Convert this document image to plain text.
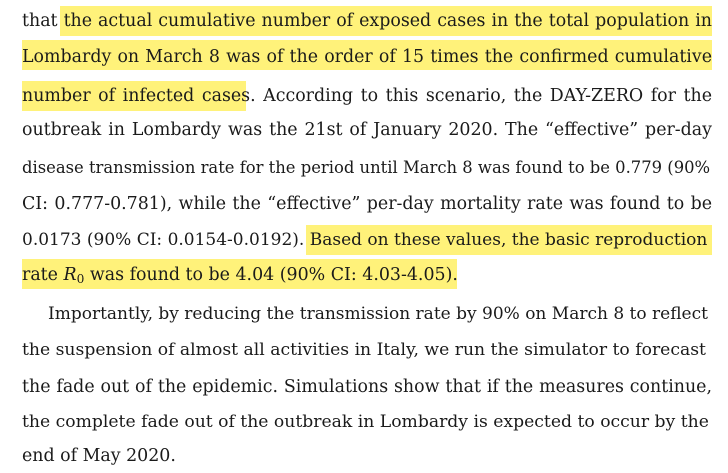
that the actual cumulative number of exposed cases in the total population in
Lombardy on March 8 was of the order of 15 times the confirmed cumulative
number of infected cases. According to this scenario, the DAY-ZERO for the
outbreak in Lombardy was the 21st of January 2020. The “effective” per-day
disease transmission rate for the period until March 8 was found to be 0.779 (90%
CI: 0.777-0.781), while the “effective” per-day mortality rate was found to be
0.0173 (90% CI: 0.0154-0.0192). Based on these values, the basic reproduction
rate $R_0$ was found to be 4.04 (90% CI: 4.03-4.05).
Importantly, by reducing the transmission rate by 90% on March 8 to reflect
the suspension of almost all activities in Italy, we run the simulator to forecast
the fade out of the epidemic. Simulations show that if the measures continue,
the complete fade out of the outbreak in Lombardy is expected to occur by the
end of May 2020.
